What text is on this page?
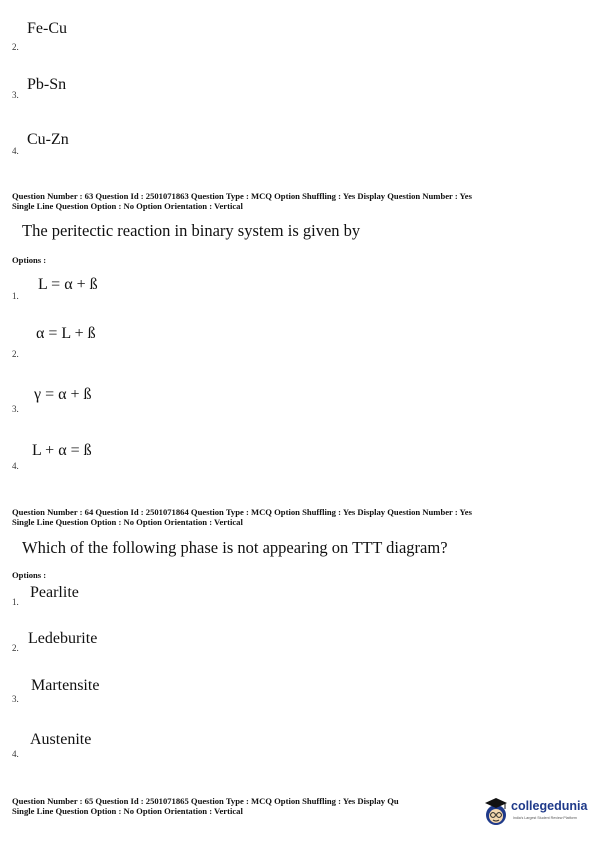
Fe-Cu
2.
Pb-Sn
3.
Cu-Zn
4.
Question Number : 63 Question Id : 2501071863 Question Type : MCQ Option Shuffling : Yes Display Question Number : Yes
Single Line Question Option : No Option Orientation : Vertical
The peritectic reaction in binary system is given by
Options :
L = α + ß
1.
α = L + ß
2.
γ = α + ß
3.
L + α = ß
4.
Question Number : 64 Question Id : 2501071864 Question Type : MCQ Option Shuffling : Yes Display Question Number : Yes
Single Line Question Option : No Option Orientation : Vertical
Which of the following phase is not appearing on TTT diagram?
Options :
Pearlite
1.
Ledeburite
2.
Martensite
3.
Austenite
4.
Question Number : 65 Question Id : 2501071865 Question Type : MCQ Option Shuffling : Yes Display Qu
Single Line Question Option : No Option Orientation : Vertical	collegedunia
India's Largest Student Review Platform
